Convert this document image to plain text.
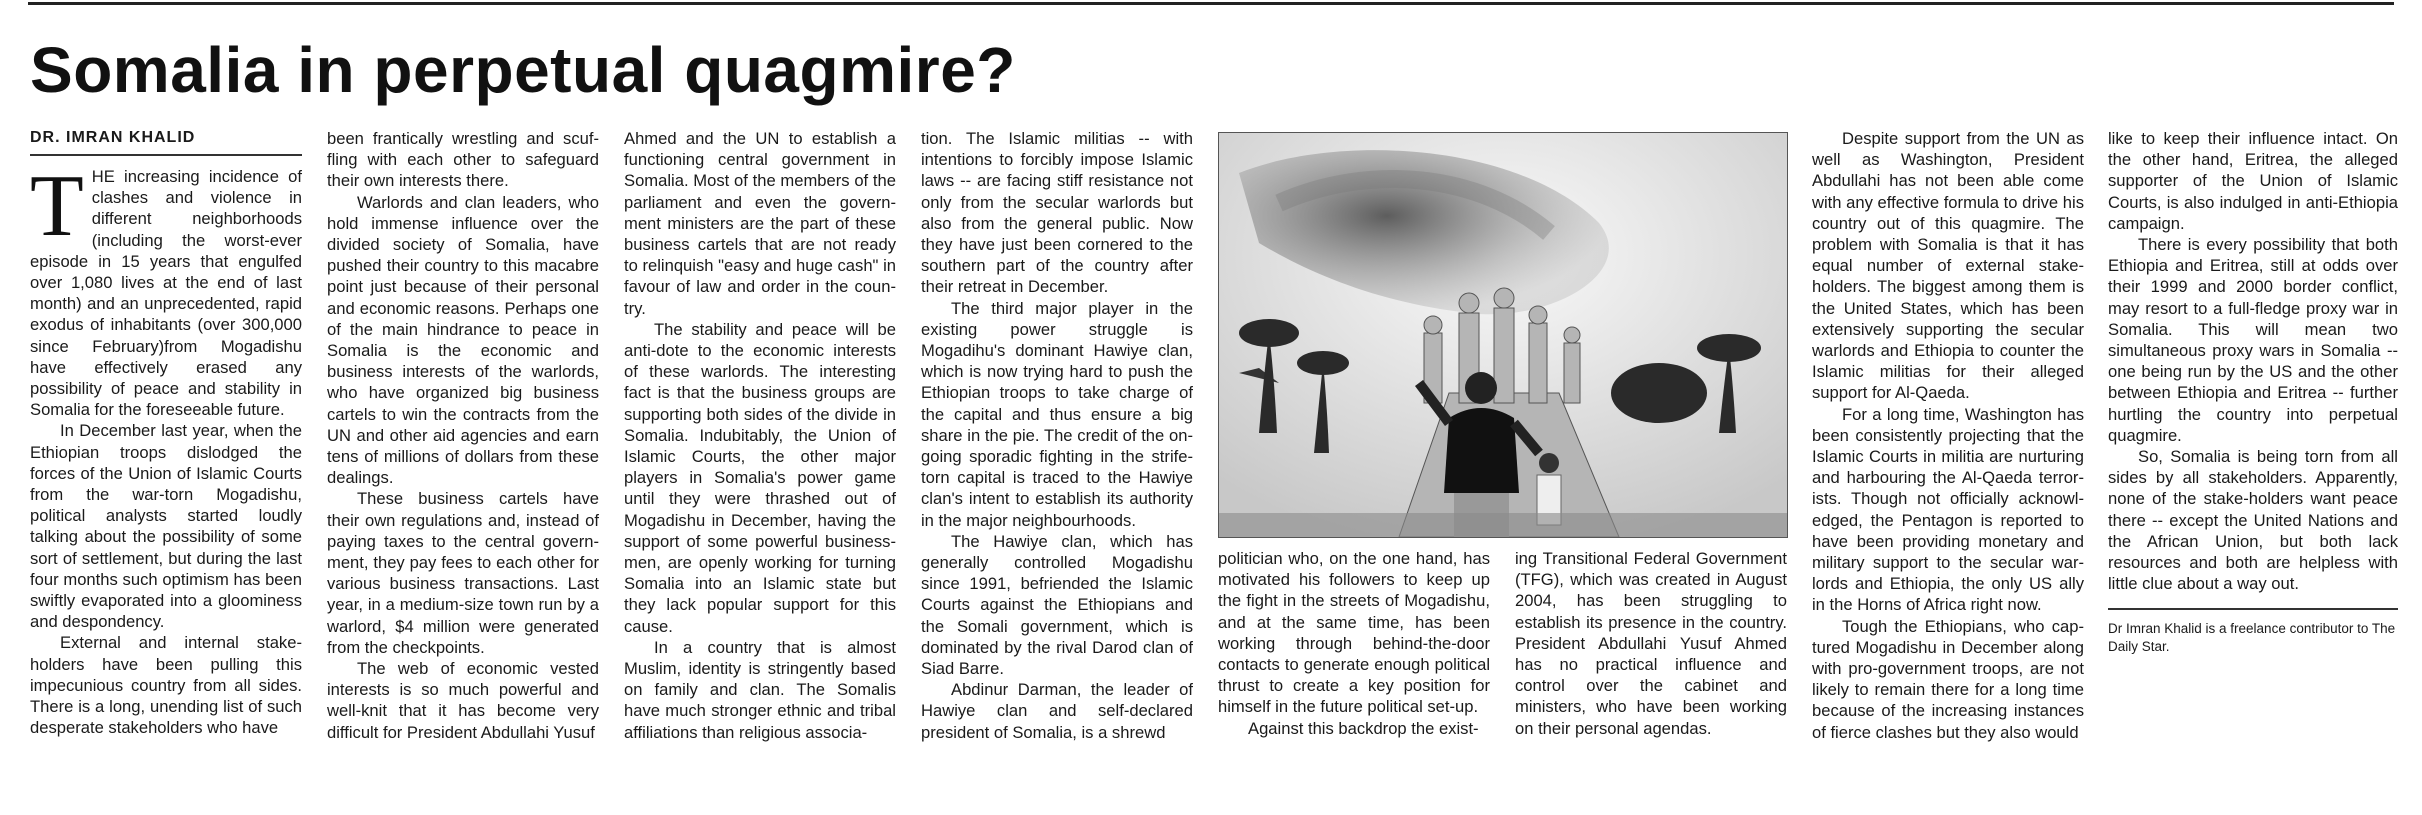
Somalia in perpetual quagmire?
DR. IMRAN KHALID

THE increasing incidence of clashes and violence in different neighborhoods (including the worst-ever episode in 15 years that engulfed over 1,080 lives at the end of last month) and an unprecedented, rapid exodus of inhabitants (over 300,000 since February)from Mogadishu have effectively erased any possibility of peace and stability in Somalia for the foreseeable future.

In December last year, when the Ethiopian troops dislodged the forces of the Union of Islamic Courts from the war-torn Mogadishu, political analysts started loudly talking about the possibility of some sort of settlement, but during the last four months such optimism has been swiftly evaporated into a gloominess and despondency.

External and internal stake-holders have been pulling this impecunious country from all sides. There is a long, unending list of such desperate stakeholders who have

been frantically wrestling and scuf-fling with each other to safeguard their own interests there.

Warlords and clan leaders, who hold immense influence over the divided society of Somalia, have pushed their country to this macabre point just because of their personal and economic reasons. Perhaps one of the main hindrance to peace in Somalia is the economic and business interests of the warlords, who have organized big business cartels to win the contracts from the UN and other aid agencies and earn tens of millions of dollars from these dealings.

These business cartels have their own regulations and, instead of paying taxes to the central govern-ment, they pay fees to each other for various business transactions. Last year, in a medium-size town run by a warlord, $4 million were generated from the checkpoints.

The web of economic vested interests is so much powerful and well-knit that it has become very difficult for President Abdullahi Yusuf

Ahmed and the UN to establish a functioning central government in Somalia. Most of the members of the parliament and even the govern-ment ministers are the part of these business cartels that are not ready to relinquish "easy and huge cash" in favour of law and order in the coun-try.

The stability and peace will be anti-dote to the economic interests of these warlords. The interesting fact is that the business groups are supporting both sides of the divide in Somalia. Indubitably, the Union of Islamic Courts, the other major players in Somalia's power game until they were thrashed out of Mogadishu in December, having the support of some powerful business-men, are openly working for turning Somalia into an Islamic state but they lack popular support for this cause.

In a country that is almost Muslim, identity is stringently based on family and clan. The Somalis have much stronger ethnic and tribal affiliations than religious associa-

tion. The Islamic militias -- with intentions to forcibly impose Islamic laws -- are facing stiff resistance not only from the secular warlords but also from the general public. Now they have just been cornered to the southern part of the country after their retreat in December.

The third major player in the existing power struggle is Mogadihu's dominant Hawiye clan, which is now trying hard to push the Ethiopian troops to take charge of the capital and thus ensure a big share in the pie. The credit of the on-going sporadic fighting in the strife-torn capital is traced to the Hawiye clan's intent to establish its authority in the major neighbourhoods.

The Hawiye clan, which has generally controlled Mogadishu since 1991, befriended the Islamic Courts against the Ethiopians and the Somali government, which is dominated by the rival Darod clan of Siad Barre.

Abdinur Darman, the leader of Hawiye clan and self-declared president of Somalia, is a shrewd

politician who, on the one hand, has motivated his followers to keep up the fight in the streets of Mogadishu, and at the same time, has been working through behind-the-door contacts to generate enough political thrust to create a key position for himself in the future political set-up.

Against this backdrop the exist-

ing Transitional Federal Government (TFG), which was created in August 2004, has been struggling to establish its presence in the country. President Abdullahi Yusuf Ahmed has no practical influence and control over the cabinet and ministers, who have been working on their personal agendas.

Despite support from the UN as well as Washington, President Abdullahi has not been able come with any effective formula to drive his country out of this quagmire. The problem with Somalia is that it has equal number of external stake-holders. The biggest among them is the United States, which has been extensively supporting the secular warlords and Ethiopia to counter the Islamic militias for their alleged support for Al-Qaeda.

For a long time, Washington has been consistently projecting that the Islamic Courts in militia are nurturing and harbouring the Al-Qaeda terror-ists. Though not officially acknowl-edged, the Pentagon is reported to have been providing monetary and military support to the secular war-lords and Ethiopia, the only US ally in the Horns of Africa right now.

Tough the Ethiopians, who cap-tured Mogadishu in December along with pro-government troops, are not likely to remain there for a long time because of the increasing instances of fierce clashes but they also would

like to keep their influence intact. On the other hand, Eritrea, the alleged supporter of the Union of Islamic Courts, is also indulged in anti-Ethiopia campaign.

There is every possibility that both Ethiopia and Eritrea, still at odds over their 1999 and 2000 border conflict, may resort to a full-fledge proxy war in Somalia. This will mean two simultaneous proxy wars in Somalia -- one being run by the US and the other between Ethiopia and Eritrea -- further hurtling the country into perpetual quagmire.

So, Somalia is being torn from all sides by all stakeholders. Apparently, none of the stake-holders want peace there -- except the United Nations and the African Union, but both lack resources and both are helpless with little clue about a way out.

Dr Imran Khalid is a freelance contributor to The Daily Star.
